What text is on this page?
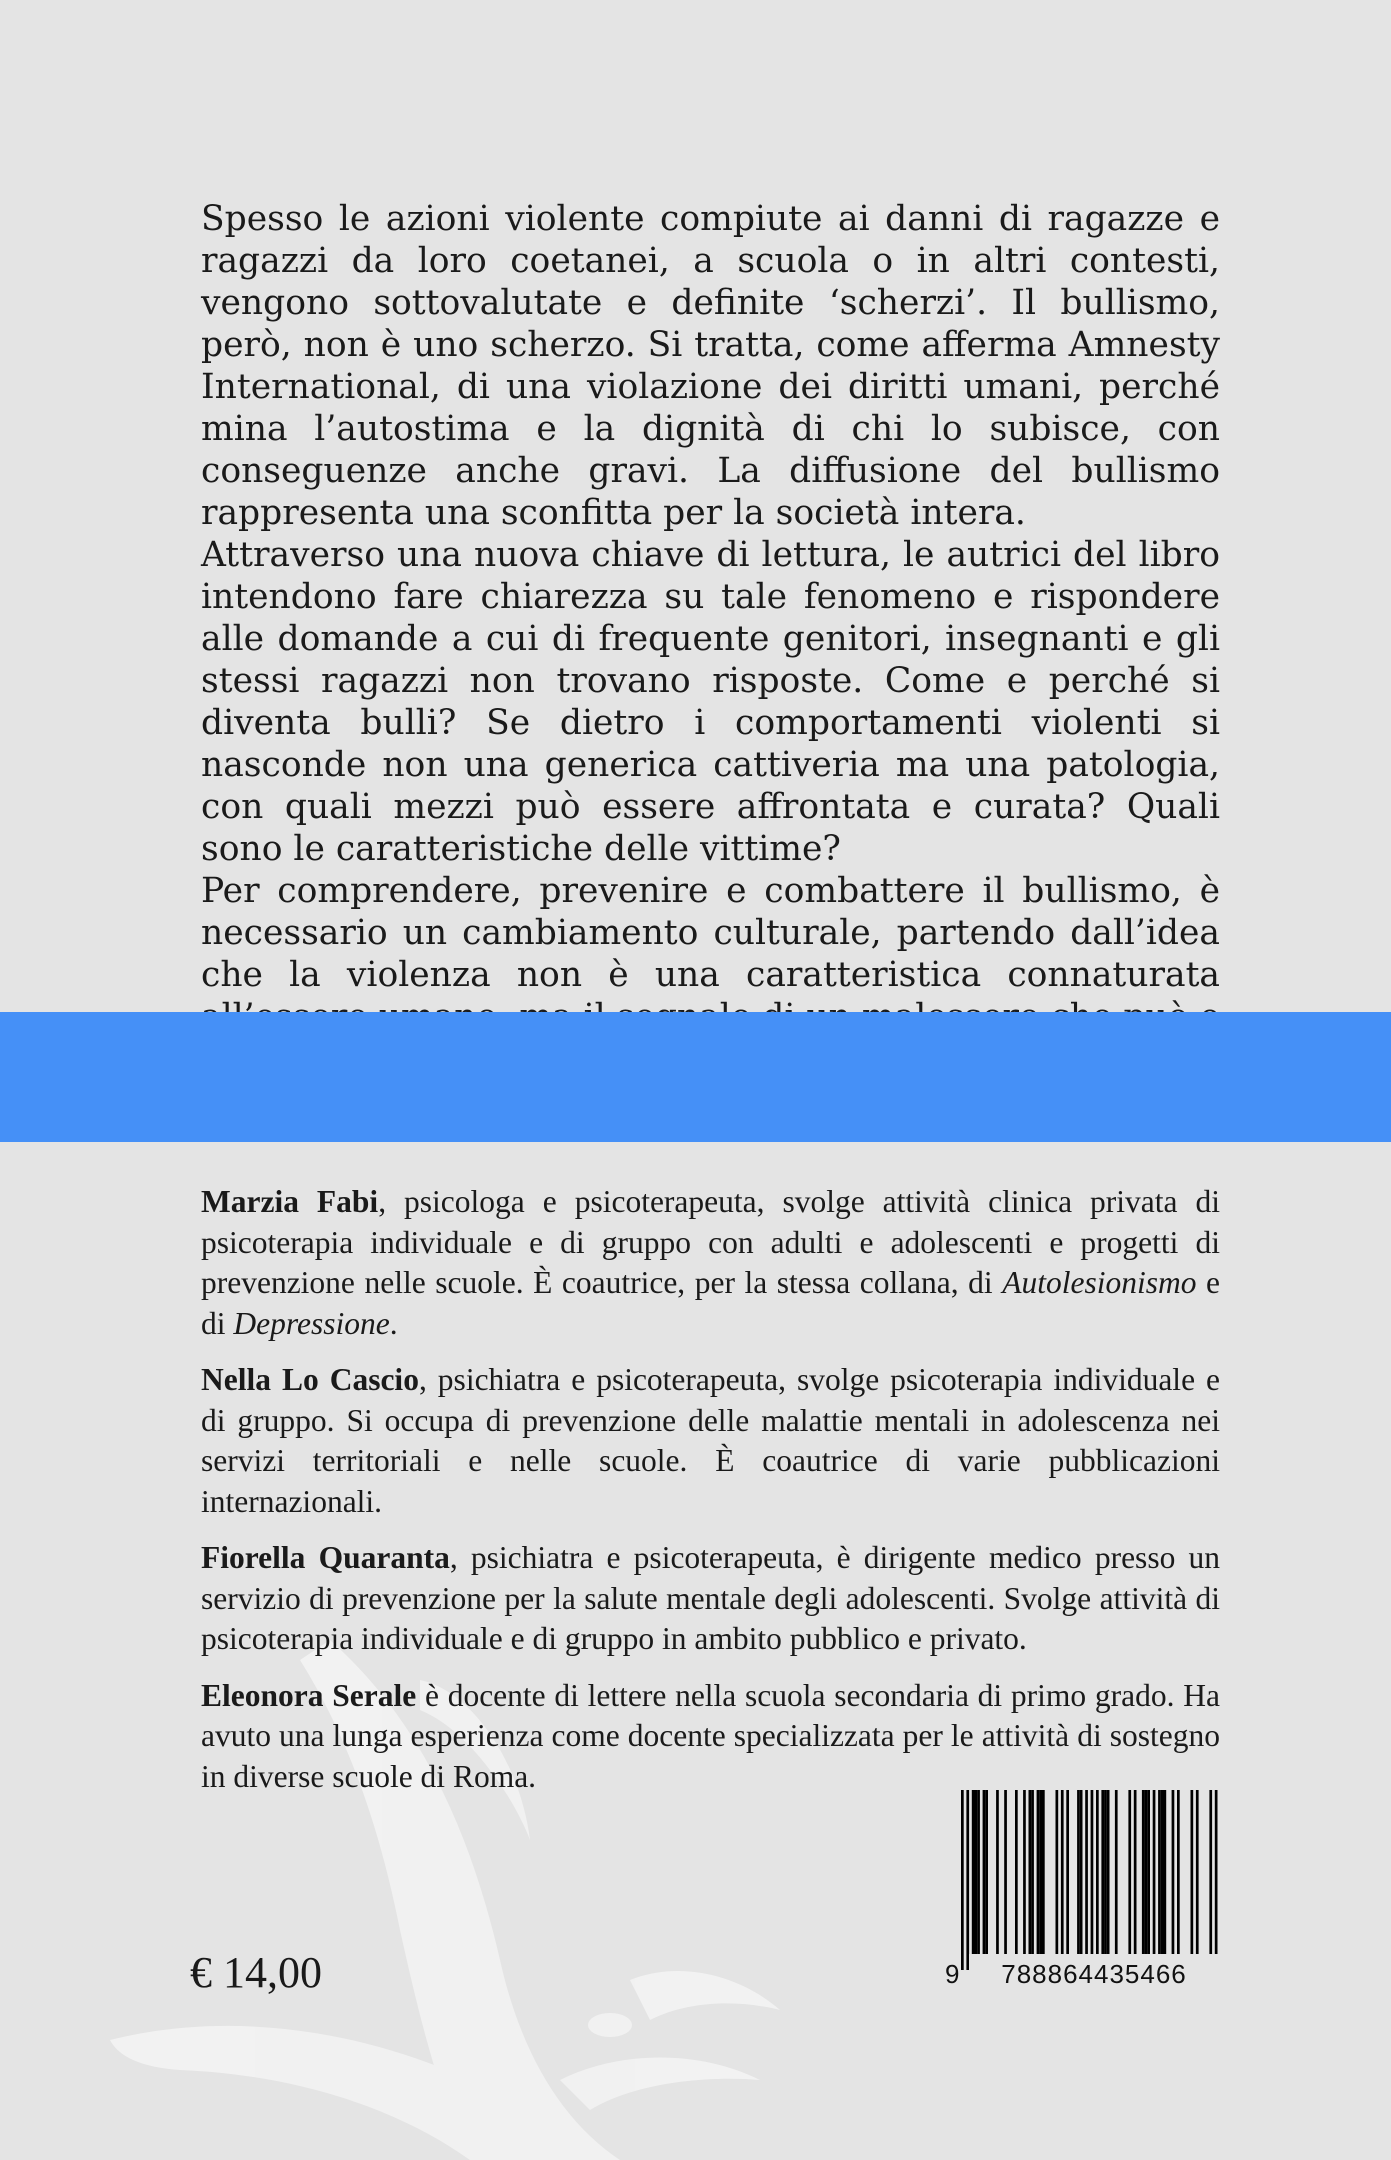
Spesso le azioni violente compiute ai danni di ragazze e ragazzi da loro coetanei, a scuola o in altri contesti, vengono sottovalutate e definite ‘scherzi’. Il bullismo, però, non è uno scherzo. Si tratta, come afferma Amnesty International, di una violazione dei diritti umani, perché mina l’autostima e la dignità di chi lo subisce, con conseguenze anche gravi. La diffusione del bullismo rappresenta una sconfitta per la società intera.

Attraverso una nuova chiave di lettura, le autrici del libro intendono fare chiarezza su tale fenomeno e rispondere alle domande a cui di frequente genitori, insegnanti e gli stessi ragazzi non trovano risposte. Come e perché si diventa bulli? Se dietro i comportamenti violenti si nasconde non una generica cattiveria ma una patologia, con quali mezzi può essere affrontata e curata? Quali sono le caratteristiche delle vittime?

Per comprendere, prevenire e combattere il bullismo, è necessario un cambiamento culturale, partendo dall’idea che la violenza non è una caratteristica connaturata

Marzia Fabi, psicologa e psicoterapeuta, svolge attività clinica privata di psicoterapia individuale e di gruppo con adulti e adolescenti e progetti di prevenzione nelle scuole. È coautrice, per la stessa collana, di Autolesionismo e di Depressione.

Nella Lo Cascio, psichiatra e psicoterapeuta, svolge psicoterapia individuale e di gruppo. Si occupa di prevenzione delle malattie mentali in adolescenza nei servizi territoriali e nelle scuole. È coautrice di varie pubblicazioni internazionali.

Fiorella Quaranta, psichiatra e psicoterapeuta, è dirigente medico presso un servizio di prevenzione per la salute mentale degli adolescenti. Svolge attività di psicoterapia individuale e di gruppo in ambito pubblico e privato.

Eleonora Serale è docente di lettere nella scuola secondaria di primo grado. Ha avuto una lunga esperienza come docente specializzata per le attività di sostegno in diverse scuole di Roma.

€ 14,00	9	788864435466
